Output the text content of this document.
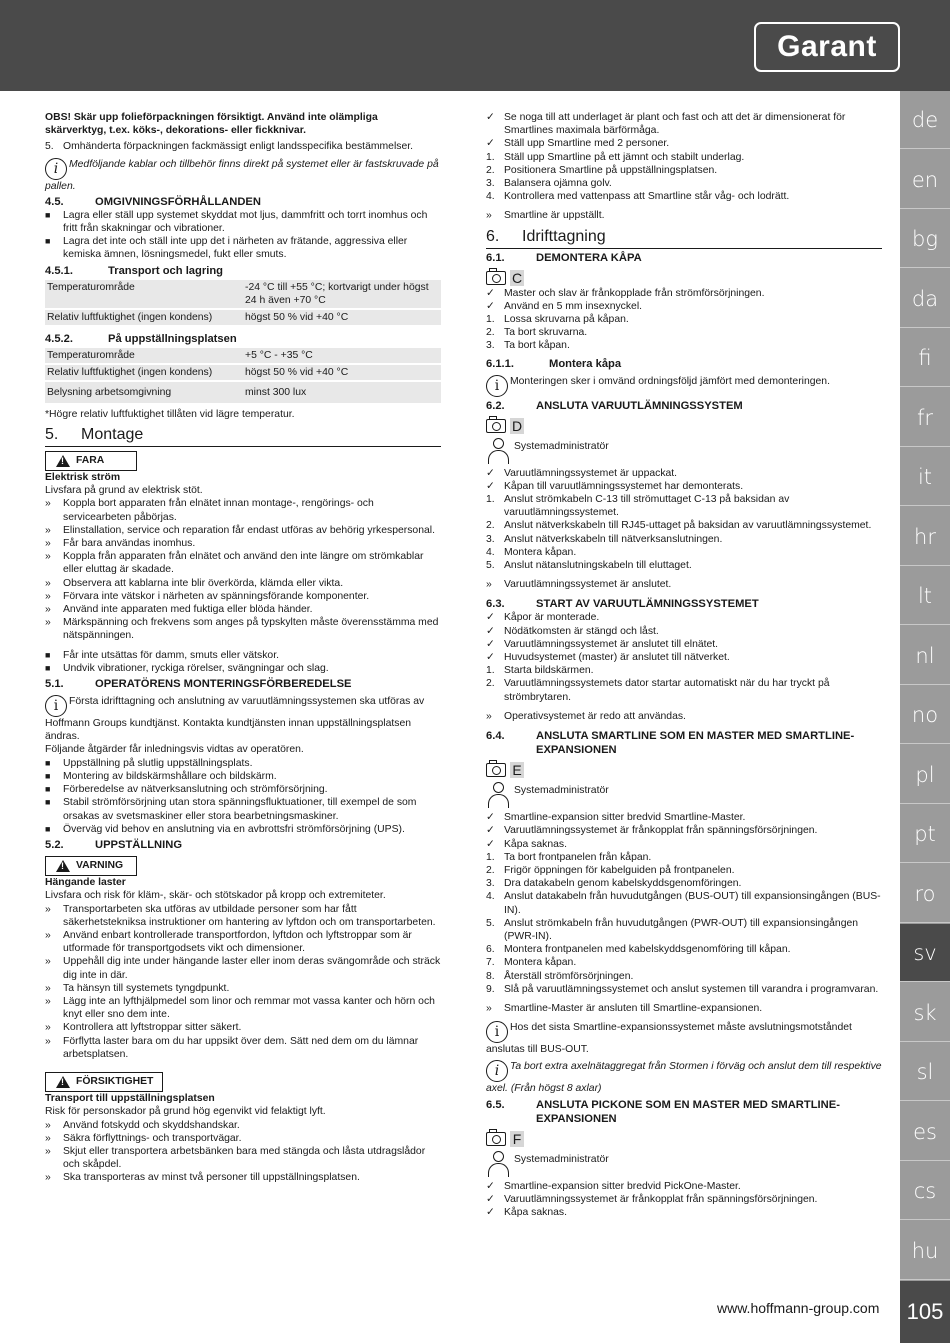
Garant
de
en
bg
da
fi
fr
it
hr
lt
nl
no
pl
pt
ro
sv
sk
sl
es
cs
hu
105
www.hoffmann-group.com
OBS! Skär upp folieförpackningen försiktigt. Använd inte olämpliga
skärverktyg, t.ex. köks-, dekorations- eller fickknivar.
5. Omhänderta förpackningen fackmässigt enligt landsspecifika bestämmelser.
i Medföljande kablar och tillbehör finns direkt på systemet eller är fastskruvade på pallen.
4.5.	OMGIVNINGSFÖRHÅLLANDEN
■ Lagra eller ställ upp systemet skyddat mot ljus, dammfritt och torrt inomhus och fritt från skakningar och vibrationer.
■ Lagra det inte och ställ inte upp det i närheten av frätande, aggressiva eller kemiska ämnen, lösningsmedel, fukt eller smuts.
4.5.1.	Transport och lagring
Temperaturområde	-24 °C till +55 °C; kortvarigt under högst 24 h även +70 °C
Relativ luftfuktighet (ingen kondens)	högst 50 % vid +40 °C
4.5.2.	På uppställningsplatsen
Temperaturområde	+5 °C - +35 °C
Relativ luftfuktighet (ingen kondens)	högst 50 % vid +40 °C
Belysning arbetsomgivning	minst 300 lux
*Högre relativ luftfuktighet tillåten vid lägre temperatur.
5. Montage
!
FARA
Elektrisk ström
Livsfara på grund av elektrisk stöt.
» Koppla bort apparaten från elnätet innan montage-, rengörings- och servicearbeten påbörjas.
» Elinstallation, service och reparation får endast utföras av behörig yrkespersonal.
» Får bara användas inomhus.
» Koppla från apparaten från elnätet och använd den inte längre om strömkablar eller eluttag är skadade.
» Observera att kablarna inte blir överkörda, klämda eller vikta.
» Förvara inte vätskor i närheten av spänningsförande komponenter.
» Använd inte apparaten med fuktiga eller blöda händer.
» Märkspänning och frekvens som anges på typskylten måste överensstämma med nätspänningen.
■ Får inte utsättas för damm, smuts eller vätskor.
■ Undvik vibrationer, ryckiga rörelser, svängningar och slag.
5.1.	OPERATÖRENS MONTERINGSFÖRBEREDELSE
i Första idrifttagning och anslutning av varuutlämningssystemen ska utföras av Hoffmann Groups kundtjänst. Kontakta kundtjänsten innan uppställningsplatsen ändras.
Följande åtgärder får inledningsvis vidtas av operatören.
■ Uppställning på slutlig uppställningsplats.
■ Montering av bildskärmshållare och bildskärm.
■ Förberedelse av nätverksanslutning och strömförsörjning.
■ Stabil strömförsörjning utan stora spänningsfluktuationer, till exempel de som orsakas av svetsmaskiner eller stora bearbetningsmaskiner.
■ Överväg vid behov en anslutning via en avbrottsfri strömförsörjning (UPS).
5.2.	UPPSTÄLLNING
!
VARNING
Hängande laster
Livsfara och risk för kläm-, skär- och stötskador på kropp och extremiteter.
» Transportarbeten ska utföras av utbildade personer som har fått säkerhetstekniksa instruktioner om hantering av lyftdon och om transportarbeten.
» Använd enbart kontrollerade transportfordon, lyftdon och lyftstroppar som är utformade för transportgodsets vikt och dimensioner.
» Uppehåll dig inte under hängande laster eller inom deras svängområde och sträck dig inte in där.
» Ta hänsyn till systemets tyngdpunkt.
» Lägg inte an lyfthjälpmedel som linor och remmar mot vassa kanter och hörn och knyt eller sno dem inte.
» Kontrollera att lyftstroppar sitter säkert.
» Förflytta laster bara om du har uppsikt över dem. Sätt ned dem om du lämnar arbetsplatsen.
!
FÖRSIKTIGHET
Transport till uppställningsplatsen
Risk för personskador på grund hög egenvikt vid felaktigt lyft.
» Använd fotskydd och skyddshandskar.
» Säkra förflyttnings- och transportvägar.
» Skjut eller transportera arbetsbänken bara med stängda och låsta utdragslådor och skåpdel.
» Ska transporteras av minst två personer till uppställningsplatsen.
✓ Se noga till att underlaget är plant och fast och att det är dimensionerat för Smartlines maximala bärförmåga.
✓ Ställ upp Smartline med 2 personer.
1. Ställ upp Smartline på ett jämnt och stabilt underlag.
2. Positionera Smartline på uppställningsplatsen.
3. Balansera ojämna golv.
4. Kontrollera med vattenpass att Smartline står våg- och lodrätt.
» Smartline är uppställt.
6. Idrifttagning
6.1.	DEMONTERA KÅPA
C
✓ Master och slav är frånkopplade från strömförsörjningen.
✓ Använd en 5 mm insexnyckel.
1. Lossa skruvarna på kåpan.
2. Ta bort skruvarna.
3. Ta bort kåpan.
6.1.1.	Montera kåpa
i Monteringen sker i omvänd ordningsföljd jämfört med demonteringen.
6.2.	ANSLUTA VARUUTLÄMNINGSSYSTEM
D
Systemadministratör
✓ Varuutlämningssystemet är uppackat.
✓ Kåpan till varuutlämningssystemet har demonterats.
1. Anslut strömkabeln C-13 till strömuttaget C-13 på baksidan av varuutlämningssystemet.
2. Anslut nätverkskabeln till RJ45-uttaget på baksidan av varuutlämningssystemet.
3. Anslut nätverkskabeln till nätverksanslutningen.
4. Montera kåpan.
5. Anslut nätanslutningskabeln till eluttaget.
» Varuutlämningssystemet är anslutet.
6.3.	START AV VARUUTLÄMNINGSSYSTEMET
✓ Kåpor är monterade.
✓ Nödätkomsten är stängd och låst.
✓ Varuutlämningssystemet är anslutet till elnätet.
✓ Huvudsystemet (master) är anslutet till nätverket.
1. Starta bildskärmen.
2. Varuutlämningssystemets dator startar automatiskt när du har tryckt på strömbrytaren.
» Operativsystemet är redo att användas.
6.4.	ANSLUTA SMARTLINE SOM EN MASTER MED SMARTLINE-EXPANSIONEN
E
Systemadministratör
✓ Smartline-expansion sitter bredvid Smartline-Master.
✓ Varuutlämningssystemet är frånkopplat från spänningsförsörjningen.
✓ Kåpa saknas.
1. Ta bort frontpanelen från kåpan.
2. Frigör öppningen för kabelguiden på frontpanelen.
3. Dra datakabeln genom kabelskyddsgenomföringen.
4. Anslut datakabeln från huvudutgången (BUS-OUT) till expansionsingången (BUS-IN).
5. Anslut strömkabeln från huvudutgången (PWR-OUT) till expansionsingången (PWR-IN).
6. Montera frontpanelen med kabelskyddsgenomföring till kåpan.
7. Montera kåpan.
8. Återställ strömförsörjningen.
9. Slå på varuutlämningssystemet och anslut systemen till varandra i programvaran.
» Smartline-Master är ansluten till Smartline-expansionen.
i Hos det sista Smartline-expansionssystemet måste avslutningsmotståndet anslutas till BUS-OUT.
i Ta bort extra axelnätaggregat från Stormen i förväg och anslut dem till respektive axel. (Från högst 8 axlar)
6.5.	ANSLUTA PICKONE SOM EN MASTER MED SMARTLINE-EXPANSIONEN
F
Systemadministratör
✓ Smartline-expansion sitter bredvid PickOne-Master.
✓ Varuutlämningssystemet är frånkopplat från spänningsförsörjningen.
✓ Kåpa saknas.
